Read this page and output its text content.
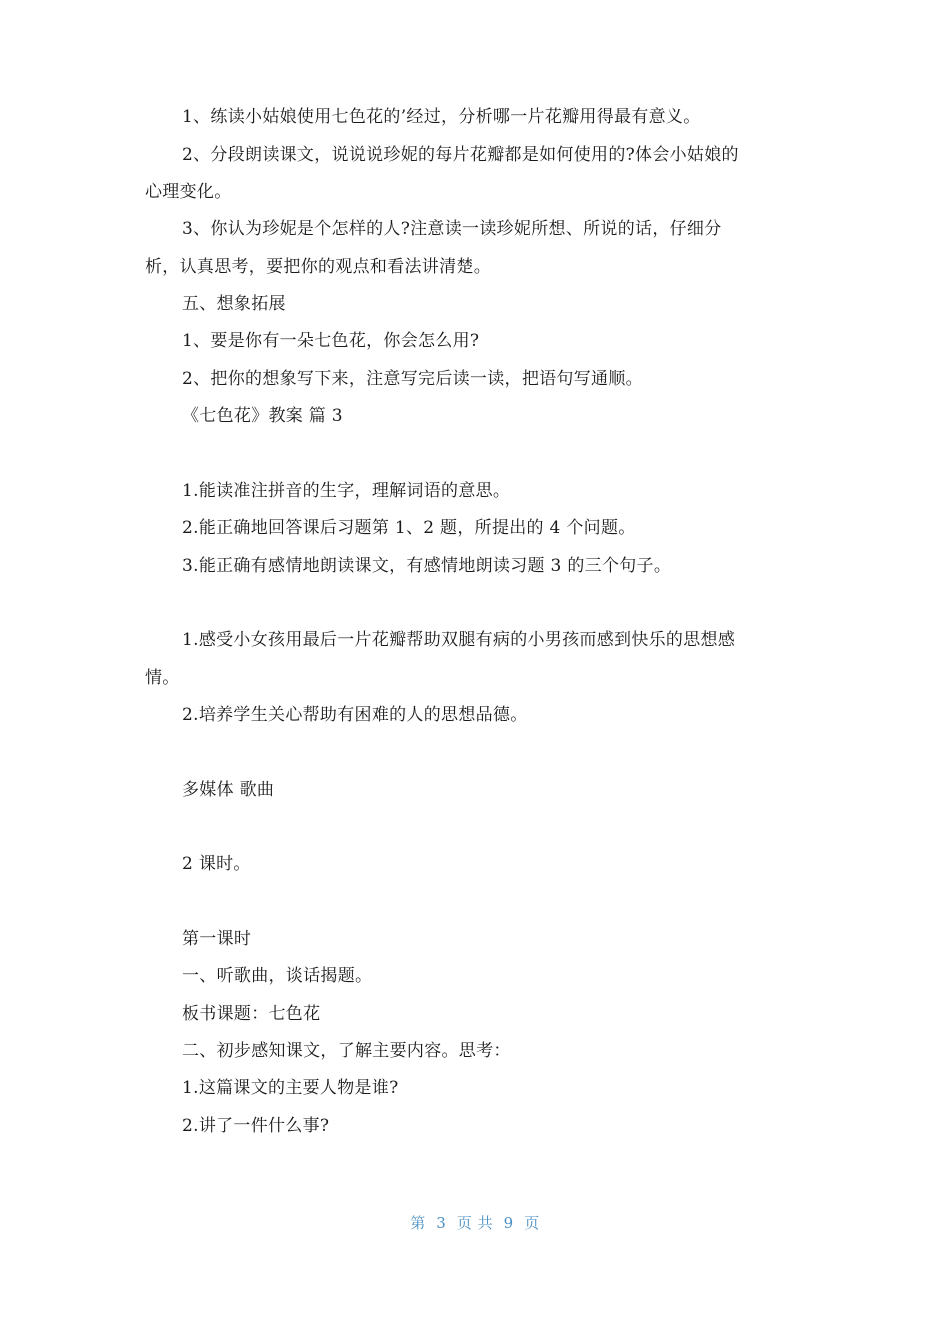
1、练读小姑娘使用七色花的’经过，分析哪一片花瓣用得最有意义。
2、分段朗读课文，说说说珍妮的每片花瓣都是如何使用的?体会小姑娘的
心理变化。
3、你认为珍妮是个怎样的人?注意读一读珍妮所想、所说的话，仔细分
析，认真思考，要把你的观点和看法讲清楚。
五、想象拓展
1、要是你有一朵七色花，你会怎么用?
2、把你的想象写下来，注意写完后读一读，把语句写通顺。
《七色花》教案 篇 3
1.能读准注拼音的生字，理解词语的意思。
2.能正确地回答课后习题第 1、2 题，所提出的 4 个问题。
3.能正确有感情地朗读课文，有感情地朗读习题 3 的三个句子。
1.感受小女孩用最后一片花瓣帮助双腿有病的小男孩而感到快乐的思想感
情。
2.培养学生关心帮助有困难的人的思想品德。
多媒体 歌曲
2 课时。
第一课时
一、听歌曲，谈话揭题。
板书课题：七色花
二、初步感知课文，了解主要内容。思考：
1.这篇课文的主要人物是谁?
2.讲了一件什么事?
第  3  页 共  9  页
